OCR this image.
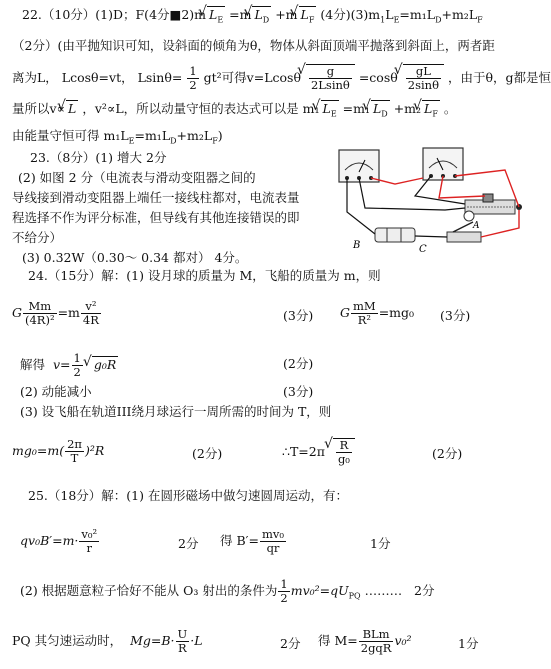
22.（10分）(1)D；F(4分■2)m√ $L_E =m√$ $L_D +m√$ $L_F$ (4分)$(3)m_1L_E=m_1L_D+m_2L_F$
（2分）(由平抛知识可知，设斜面的倾角为θ，物体从斜面顶端平抛落到斜面上，两者距
离为L， Lcosθ=vt， $Lsin\theta= \frac{1}{2} gt^2$可得v=Lcosθ
√ $\frac{g}{2Lsin\theta} =\cos\theta$
√ $\frac{gL}{2\sin\theta}$ ，由于θ，g都是恒
量所以v∝√ L ，v²∝L，所以动量守恒的表达式可以是 m₁√ $L_E =m_1√$ $L_D +m_2√$ $L_F$ 。
由能量守恒可得 $m_1L_E=m_1L_D+m_2L_F$)
23.（8分）(1) 增大 2分
(2) 如图 2 分（电流表与滑动变阻器之间的
导线接到滑动变阻器上端任一接线柱都对，电流表量
程选择不作为评分标准，但导线有其他连接错误的即
不给分）
(3) 0.32W（0.30～ 0.34 都对） 4分。
B	C
A
24.（15分）解：(1) 设月球的质量为 M，飞船的质量为 m，则
G $\frac{Mm}{\text{(4R)²}} =m \frac{\text{v²}}{4R}$	(3分) G $\frac{mM}{\text{R²}} =mg_0$ (3分)
解得 $v= \frac{1}{2}$
√ g₀R	(2分)
(2) 动能减小	(3分)
(3) 设飞船在轨道III绕月球运行一周所需的时间为 T，则
$mg_0=m( \frac{2\pi}{T} )^2R$	(2分)	∴T=2π
√ $\frac{R}{\text{g₀}}$	(2分)
25.（18分）解：(1) 在圆形磁场中做匀速圆周运动，有：
$qv_0B'=m\cdot \frac{\text{v₀²}}{r}$	2分 得 $B'= \frac{\text{mv₀}}{qr}$	1分
(2) 根据题意粒子恰好不能从 O₃ 射出的条件为 $\frac{1}{2} mv_0^2=qU_{PQ}$ ……… 2分
PQ 其匀速运动时， $Mg=B\cdot \frac{U}{R} \cdot L$	2分 得 $M= \frac{\text{BLm}}{\text{2gqR}} v_0^2$	1分
